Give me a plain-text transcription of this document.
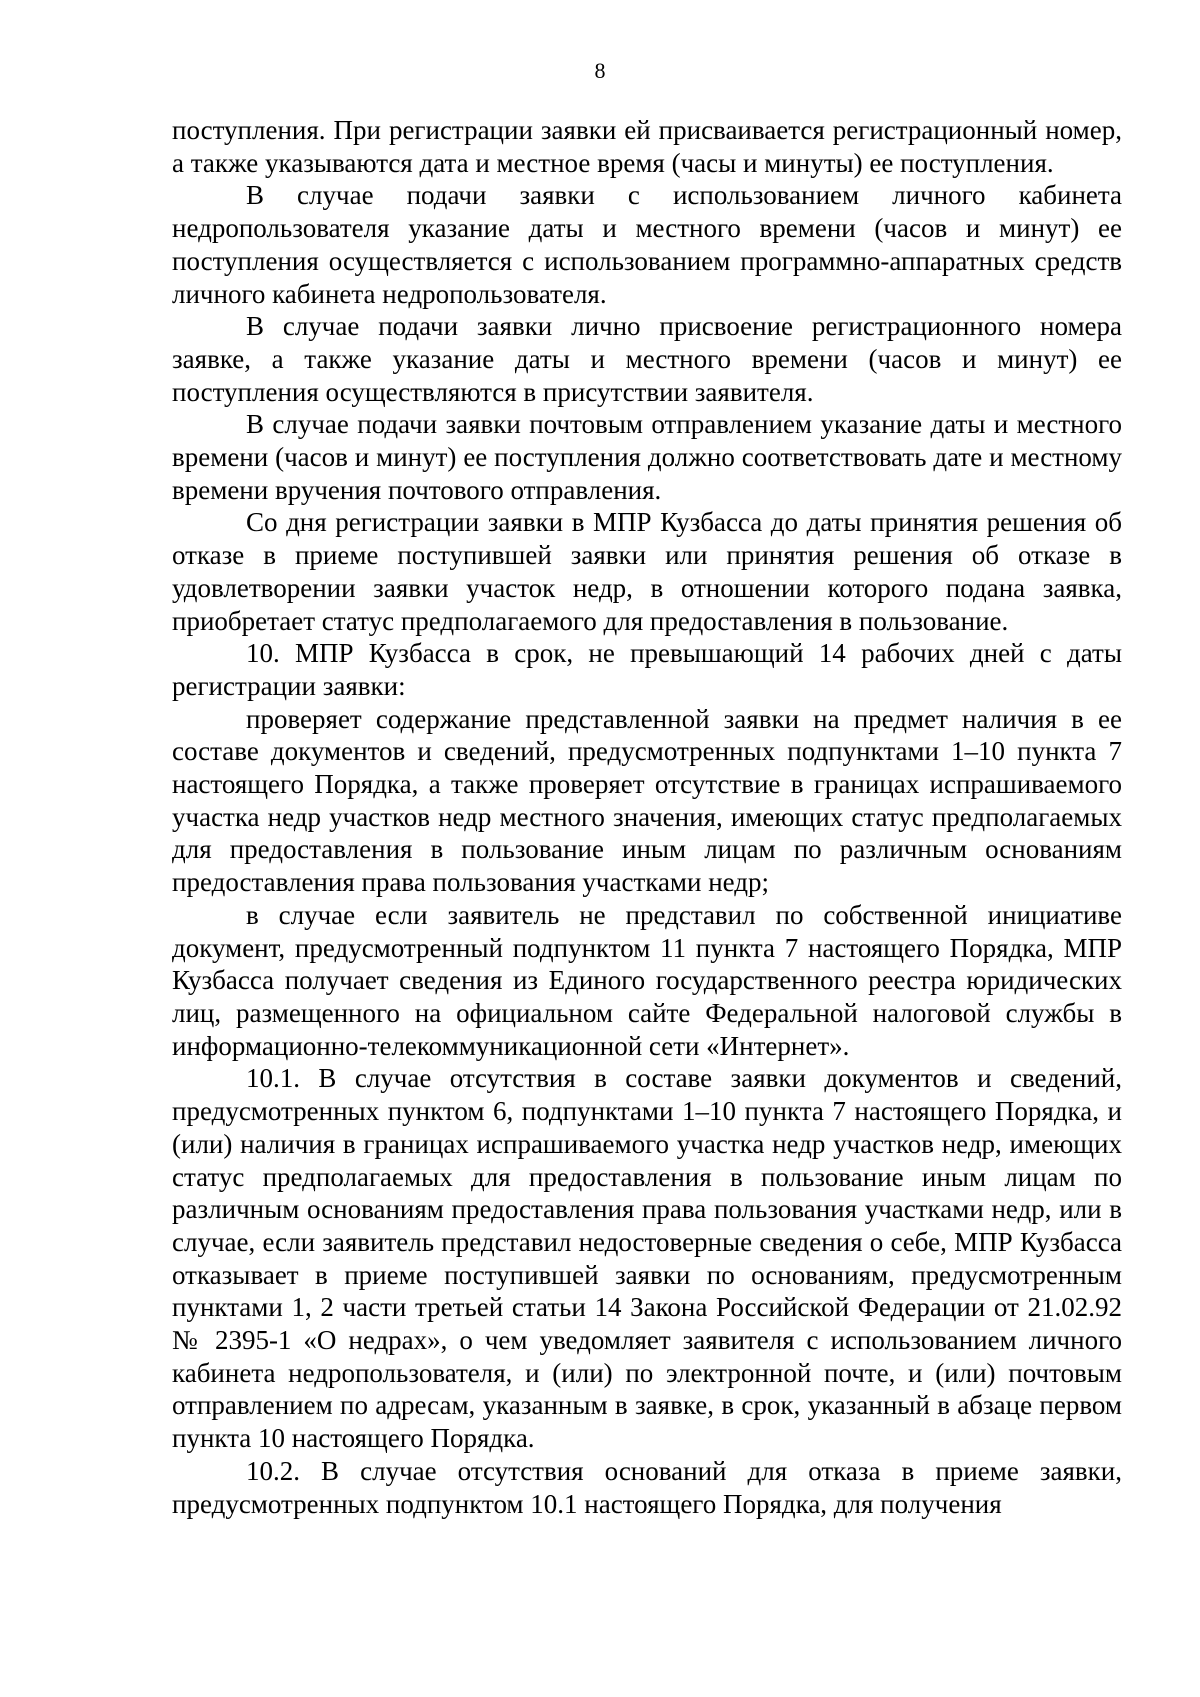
8

поступления. При регистрации заявки ей присваивается регистрационный номер, а также указываются дата и местное время (часы и минуты) ее поступления.

В случае подачи заявки с использованием личного кабинета недропользователя указание даты и местного времени (часов и минут) ее поступления осуществляется с использованием программно-аппаратных средств личного кабинета недропользователя.

В случае подачи заявки лично присвоение регистрационного номера заявке, а также указание даты и местного времени (часов и минут) ее поступления осуществляются в присутствии заявителя.

В случае подачи заявки почтовым отправлением указание даты и местного времени (часов и минут) ее поступления должно соответствовать дате и местному времени вручения почтового отправления.

Со дня регистрации заявки в МПР Кузбасса до даты принятия решения об отказе в приеме поступившей заявки или принятия решения об отказе в удовлетворении заявки участок недр, в отношении которого подана заявка, приобретает статус предполагаемого для предоставления в пользование.

10. МПР Кузбасса в срок, не превышающий 14 рабочих дней с даты регистрации заявки:

проверяет содержание представленной заявки на предмет наличия в ее составе документов и сведений, предусмотренных подпунктами 1–10 пункта 7 настоящего Порядка, а также проверяет отсутствие в границах испрашиваемого участка недр участков недр местного значения, имеющих статус предполагаемых для предоставления в пользование иным лицам по различным основаниям предоставления права пользования участками недр;

в случае если заявитель не представил по собственной инициативе документ, предусмотренный подпунктом 11 пункта 7 настоящего Порядка, МПР Кузбасса получает сведения из Единого государственного реестра юридических лиц, размещенного на официальном сайте Федеральной налоговой службы в информационно-телекоммуникационной сети «Интернет».

10.1. В случае отсутствия в составе заявки документов и сведений, предусмотренных пунктом 6, подпунктами 1–10 пункта 7 настоящего Порядка, и (или) наличия в границах испрашиваемого участка недр участков недр, имеющих статус предполагаемых для предоставления в пользование иным лицам по различным основаниям предоставления права пользования участками недр, или в случае, если заявитель представил недостоверные сведения о себе, МПР Кузбасса отказывает в приеме поступившей заявки по основаниям, предусмотренным пунктами 1, 2 части третьей статьи 14 Закона Российской Федерации от 21.02.92 № 2395-1 «О недрах», о чем уведомляет заявителя с использованием личного кабинета недропользователя, и (или) по электронной почте, и (или) почтовым отправлением по адресам, указанным в заявке, в срок, указанный в абзаце первом пункта 10 настоящего Порядка.

10.2. В случае отсутствия оснований для отказа в приеме заявки, предусмотренных подпунктом 10.1 настоящего Порядка, для получения
